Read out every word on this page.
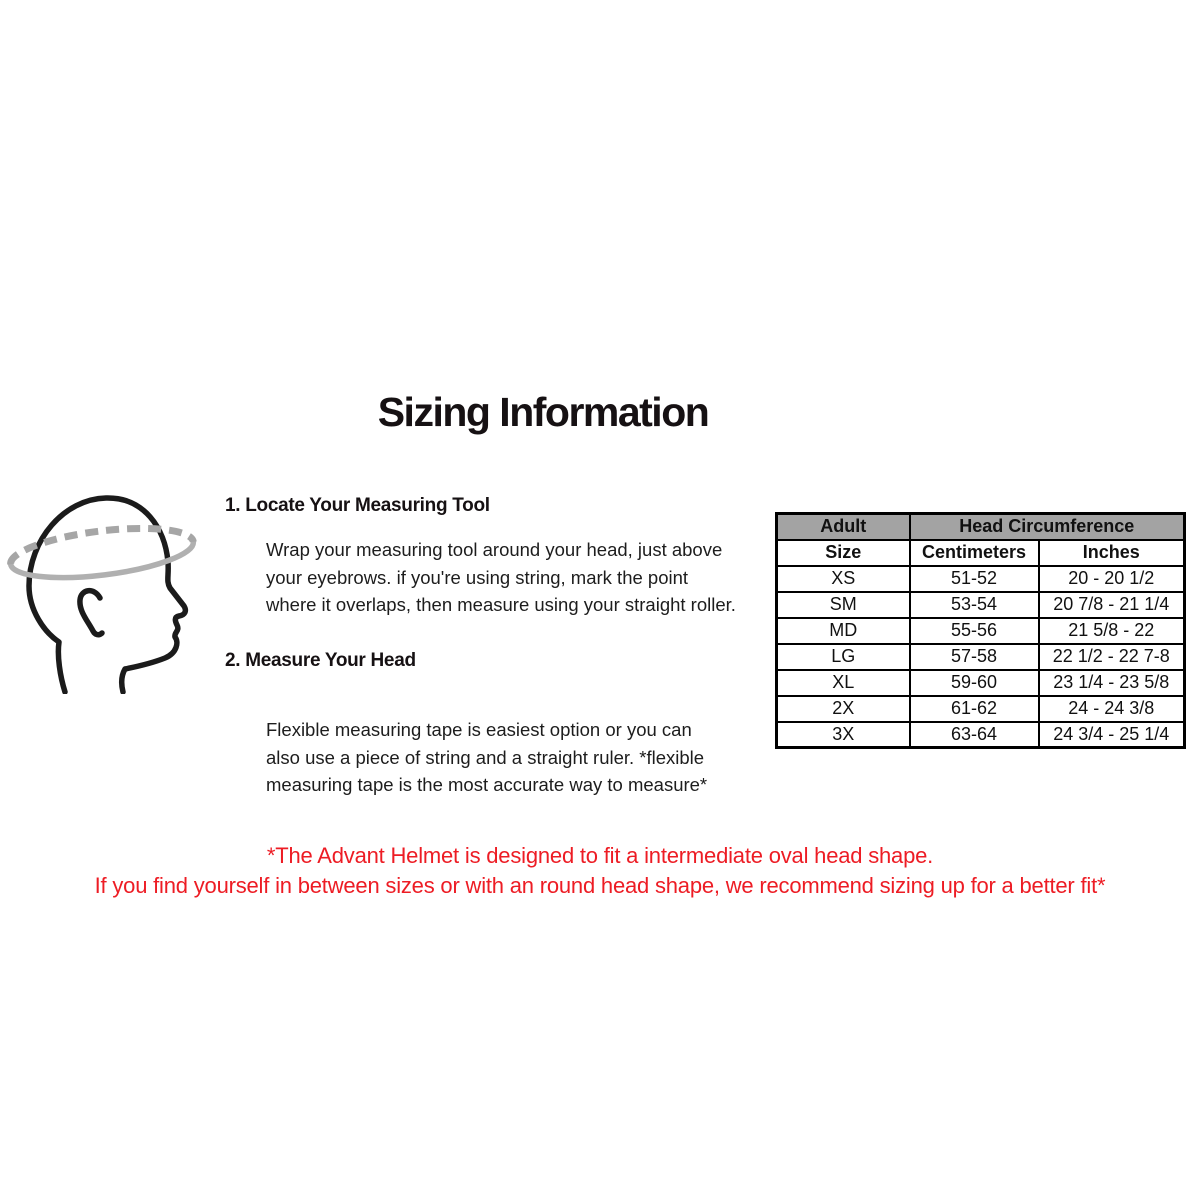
Sizing Information
1. Locate Your Measuring Tool
Wrap your measuring tool around your head, just above
your eyebrows. if you're using string, mark the point
where it overlaps, then measure using your straight roller.
2. Measure Your Head
Flexible measuring tape is easiest option or you can
also use a piece of string and a straight ruler. *flexible
measuring tape is the most accurate way to measure*
Adult	Head Circumference	
Size	Centimeters	Inches
XS	51-52	20 - 20 1/2
SM	53-54	20 7/8 - 21 1/4
MD	55-56	21 5/8 - 22
LG	57-58	22 1/2 - 22 7-8
XL	59-60	23 1/4 - 23 5/8
2X	61-62	24 - 24 3/8
3X	63-64	24 3/4 - 25 1/4
*The Advant Helmet is designed to fit a intermediate oval head shape.
If you find yourself in between sizes or with an round head shape, we recommend sizing up for a better fit*
